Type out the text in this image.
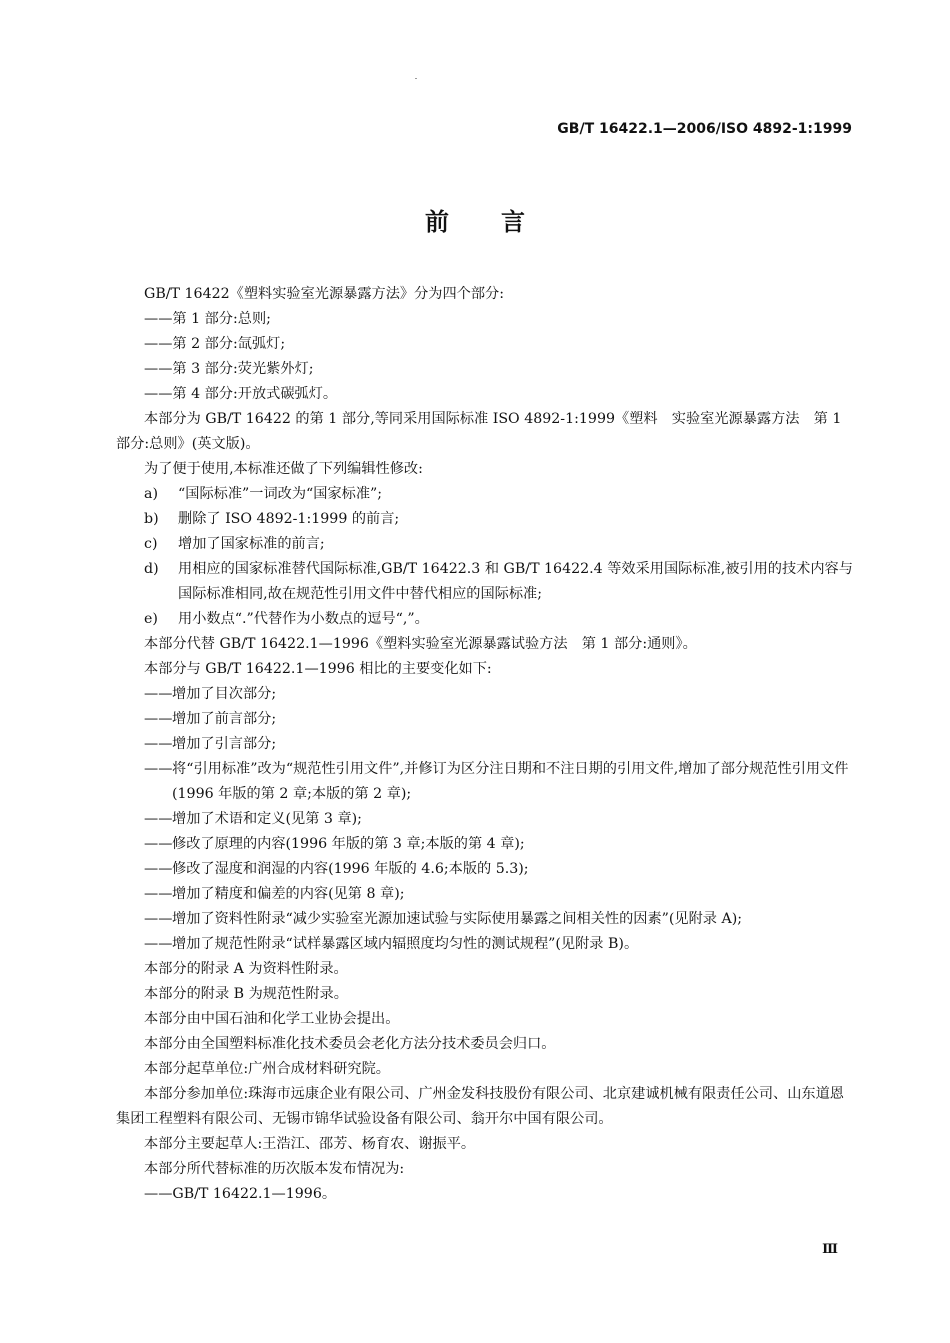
GB/T 16422.1—2006/ISO 4892-1:1999
前言
GB/T 16422《塑料实验室光源暴露方法》分为四个部分:
——第 1 部分:总则;
——第 2 部分:氙弧灯;
——第 3 部分:荧光紫外灯;
——第 4 部分:开放式碳弧灯。
本部分为 GB/T 16422 的第 1 部分,等同采用国际标准 ISO 4892-1:1999《塑料　实验室光源暴露方法　第 1 部分:总则》(英文版)。
为了便于使用,本标准还做了下列编辑性修改:
a)	“国际标准”一词改为“国家标准”;
b)	删除了 ISO 4892-1:1999 的前言;
c)	增加了国家标准的前言;
d)	用相应的国家标准替代国际标准,GB/T 16422.3 和 GB/T 16422.4 等效采用国际标准,被引用的技术内容与国际标准相同,故在规范性引用文件中替代相应的国际标准;
e)	用小数点“.”代替作为小数点的逗号“,”。
本部分代替 GB/T 16422.1—1996《塑料实验室光源暴露试验方法　第 1 部分:通则》。
本部分与 GB/T 16422.1—1996 相比的主要变化如下:
—— 增加了目次部分;
—— 增加了前言部分;
—— 增加了引言部分;
—— 将“引用标准”改为“规范性引用文件”,并修订为区分注日期和不注日期的引用文件,增加了部分规范性引用文件(1996 年版的第 2 章;本版的第 2 章);
—— 增加了术语和定义(见第 3 章);
—— 修改了原理的内容(1996 年版的第 3 章;本版的第 4 章);
—— 修改了湿度和润湿的内容(1996 年版的 4.6;本版的 5.3);
—— 增加了精度和偏差的内容(见第 8 章);
—— 增加了资料性附录“减少实验室光源加速试验与实际使用暴露之间相关性的因素”(见附录 A);
—— 增加了规范性附录“试样暴露区域内辐照度均匀性的测试规程”(见附录 B)。
本部分的附录 A 为资料性附录。
本部分的附录 B 为规范性附录。
本部分由中国石油和化学工业协会提出。
本部分由全国塑料标准化技术委员会老化方法分技术委员会归口。
本部分起草单位:广州合成材料研究院。
本部分参加单位:珠海市远康企业有限公司、广州金发科技股份有限公司、北京建诚机械有限责任公司、山东道恩集团工程塑料有限公司、无锡市锦华试验设备有限公司、翁开尔中国有限公司。
本部分主要起草人:王浩江、邵芳、杨育农、谢振平。
本部分所代替标准的历次版本发布情况为:
——GB/T 16422.1—1996。
Ⅲ
